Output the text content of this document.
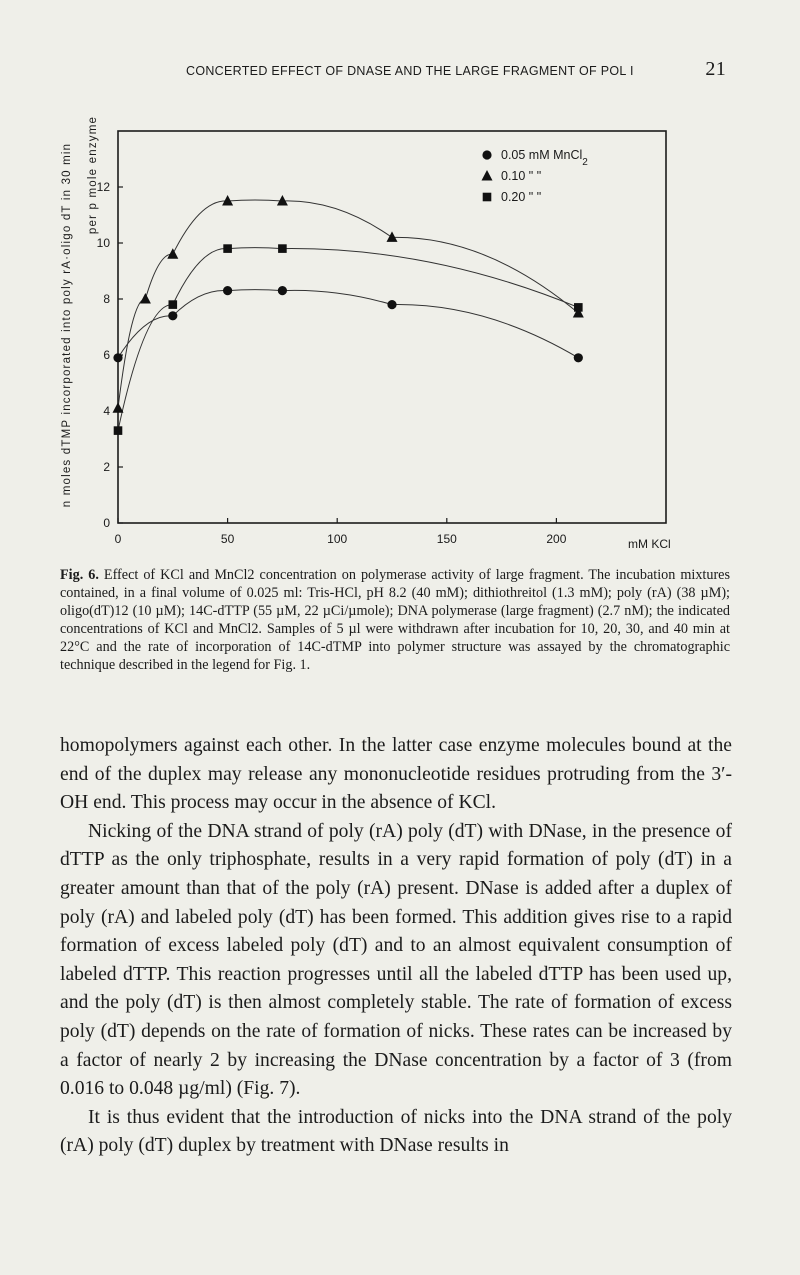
CONCERTED EFFECT OF DNASE AND THE LARGE FRAGMENT OF POL I	21
n moles dTMP incorporated into poly rA·oligo dT in 30 min per p mole enzyme
0	50	100	150	200
0
2
4
6
8
10
12
0.05 mM MnCl$_2$
0.10 " "
0.20 " "
mM KCl
Fig. 6. Effect of KCl and MnCl2 concentration on polymerase activity of large fragment. The incubation mixtures contained, in a final volume of 0.025 ml: Tris-HCl, pH 8.2 (40 mM); dithiothreitol (1.3 mM); poly (rA) (38 µM); oligo(dT)12 (10 µM); 14C-dTTP (55 µM, 22 µCi/µmole); DNA polymerase (large fragment) (2.7 nM); the indicated concentrations of KCl and MnCl2. Samples of 5 µl were withdrawn after incubation for 10, 20, 30, and 40 min at 22°C and the rate of incorporation of 14C-dTMP into polymer structure was assayed by the chromatographic technique described in the legend for Fig. 1.

homopolymers against each other. In the latter case enzyme molecules bound at the end of the duplex may release any mononucleotide residues protruding from the 3′-OH end. This process may occur in the absence of KCl.

Nicking of the DNA strand of poly (rA) poly (dT) with DNase, in the presence of dTTP as the only triphosphate, results in a very rapid formation of poly (dT) in a greater amount than that of the poly (rA) present. DNase is added after a duplex of poly (rA) and labeled poly (dT) has been formed. This addition gives rise to a rapid formation of excess labeled poly (dT) and to an almost equivalent consumption of labeled dTTP. This reaction progresses until all the labeled dTTP has been used up, and the poly (dT) is then almost completely stable. The rate of formation of excess poly (dT) depends on the rate of formation of nicks. These rates can be increased by a factor of nearly 2 by increasing the DNase concentration by a factor of 3 (from 0.016 to 0.048 µg/ml) (Fig. 7).

It is thus evident that the introduction of nicks into the DNA strand of the poly (rA) poly (dT) duplex by treatment with DNase results in
